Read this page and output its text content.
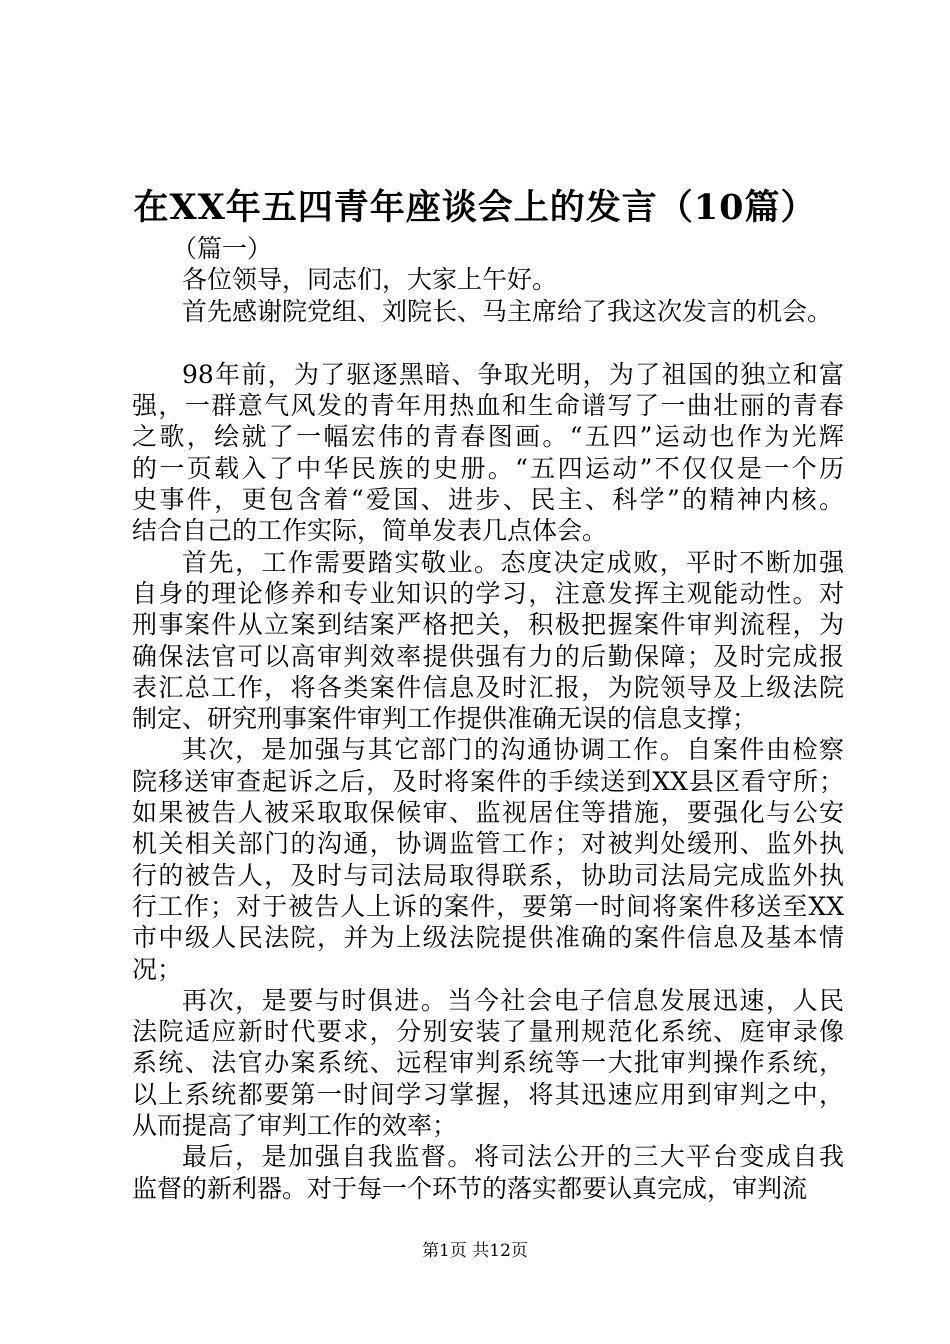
在XX年五四青年座谈会上的发言（10篇）
（篇一）
各位领导，同志们，大家上午好。
首先感谢院党组、刘院长、马主席给了我这次发言的机会。
98年前，为了驱逐黑暗、争取光明，为了祖国的独立和富
强，一群意气风发的青年用热血和生命谱写了一曲壮丽的青春
之歌，绘就了一幅宏伟的青春图画。“五四”运动也作为光辉
的一页载入了中华民族的史册。“五四运动”不仅仅是一个历
史事件，更包含着“爱国、进步、民主、科学”的精神内核。
结合自己的工作实际，简单发表几点体会。
首先，工作需要踏实敬业。态度决定成败，平时不断加强
自身的理论修养和专业知识的学习，注意发挥主观能动性。对
刑事案件从立案到结案严格把关，积极把握案件审判流程，为
确保法官可以高审判效率提供强有力的后勤保障；及时完成报
表汇总工作，将各类案件信息及时汇报，为院领导及上级法院
制定、研究刑事案件审判工作提供准确无误的信息支撑；
其次，是加强与其它部门的沟通协调工作。自案件由检察
院移送审查起诉之后，及时将案件的手续送到XX县区看守所；
如果被告人被采取取保候审、监视居住等措施，要强化与公安
机关相关部门的沟通，协调监管工作；对被判处缓刑、监外执
行的被告人，及时与司法局取得联系，协助司法局完成监外执
行工作；对于被告人上诉的案件，要第一时间将案件移送至XX
市中级人民法院，并为上级法院提供准确的案件信息及基本情
况；
再次，是要与时俱进。当今社会电子信息发展迅速，人民
法院适应新时代要求，分别安装了量刑规范化系统、庭审录像
系统、法官办案系统、远程审判系统等一大批审判操作系统，
以上系统都要第一时间学习掌握，将其迅速应用到审判之中，
从而提高了审判工作的效率；
最后，是加强自我监督。将司法公开的三大平台变成自我
监督的新利器。对于每一个环节的落实都要认真完成，审判流
第1页 共12页
